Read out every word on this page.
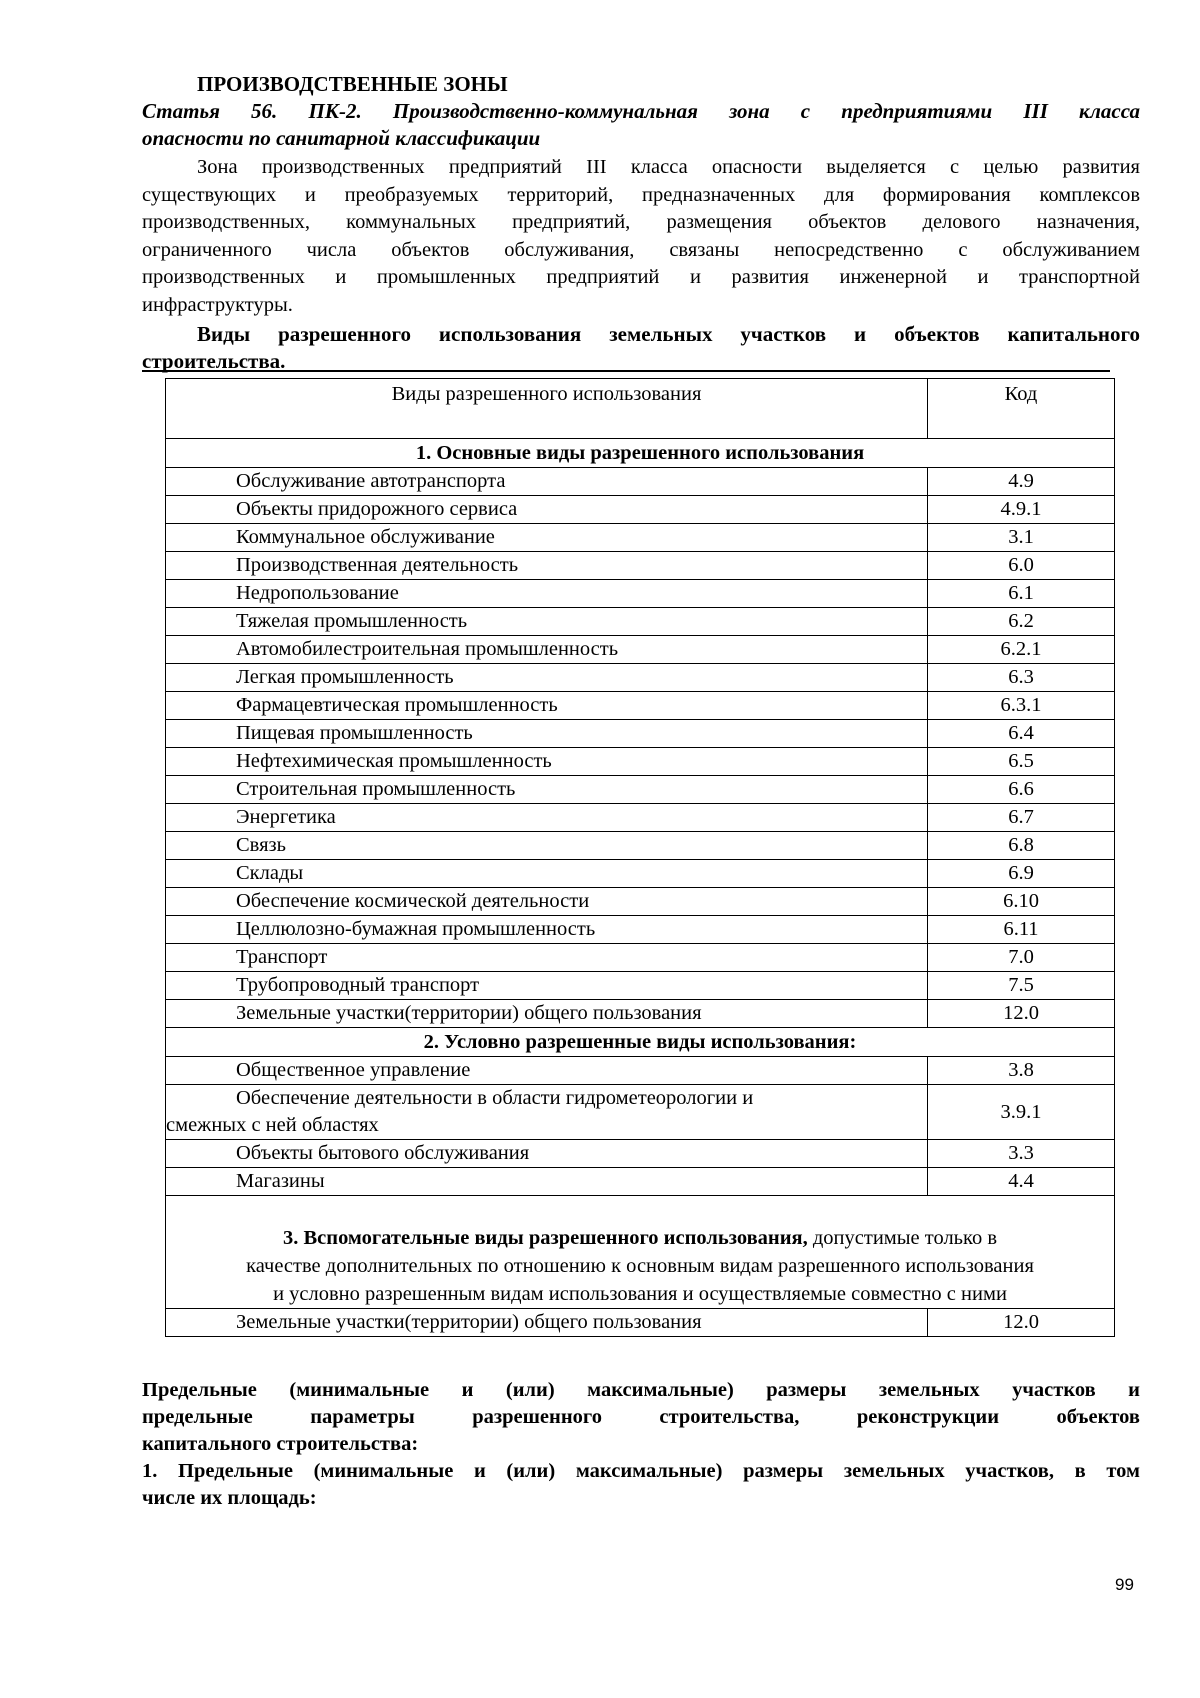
ПРОИЗВОДСТВЕННЫЕ ЗОНЫ
Статья 56. ПК-2. Производственно-коммунальная зона с предприятиями III класса
опасности по санитарной классификации
Зона производственных предприятий III класса опасности выделяется с целью развития
существующих и преобразуемых территорий, предназначенных для формирования комплексов
производственных, коммунальных предприятий, размещения объектов делового назначения,
ограниченного числа объектов обслуживания, связаны непосредственно с обслуживанием
производственных и промышленных предприятий и развития инженерной и транспортной
инфраструктуры.
Виды разрешенного использования земельных участков и объектов капитального
строительства.
Виды разрешенного использования	Код
1. Основные виды разрешенного использования	
Обслуживание автотранспорта	4.9
Объекты придорожного сервиса	4.9.1
Коммунальное обслуживание	3.1
Производственная деятельность	6.0
Недропользование	6.1
Тяжелая промышленность	6.2
Автомобилестроительная промышленность	6.2.1
Легкая промышленность	6.3
Фармацевтическая промышленность	6.3.1
Пищевая промышленность	6.4
Нефтехимическая промышленность	6.5
Строительная промышленность	6.6
Энергетика	6.7
Связь	6.8
Склады	6.9
Обеспечение космической деятельности	6.10
Целлюлозно-бумажная промышленность	6.11
Транспорт	7.0
Трубопроводный транспорт	7.5
Земельные участки(территории) общего пользования	12.0
2. Условно разрешенные виды использования:	
Общественное управление	3.8

Обеспечение деятельности в области гидрометеорологии и
смежных с ней областях	3.9.1
Объекты бытового обслуживания	3.3
Магазины	4.4
3. Вспомогательные виды разрешенного использования, допустимые только в
качестве дополнительных по отношению к основным видам разрешенного использования
и условно разрешенным видам использования и осуществляемые совместно с ними	
Земельные участки(территории) общего пользования	12.0
Предельные (минимальные и (или) максимальные) размеры земельных участков и
предельные параметры разрешенного строительства, реконструкции объектов
капитального строительства:
1. Предельные (минимальные и (или) максимальные) размеры земельных участков, в том
числе их площадь:
99
